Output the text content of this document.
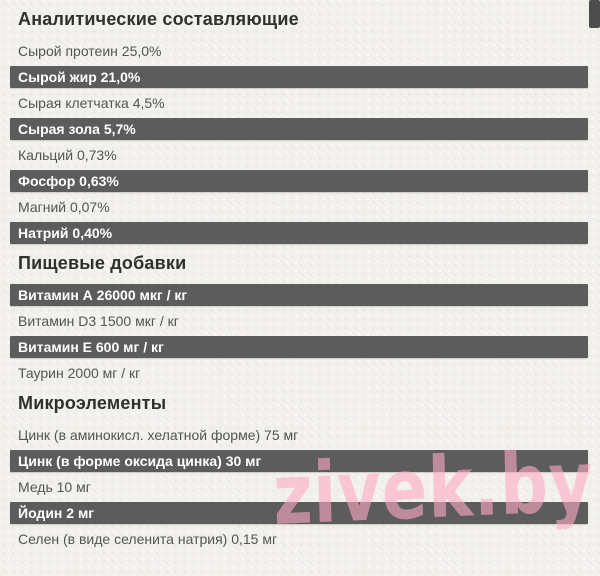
Аналитические составляющие
Сырой протеин 25,0%
Сырой жир 21,0%
Сырая клетчатка 4,5%
Сырая зола 5,7%
Кальций 0,73%
Фосфор 0,63%
Магний 0,07%
Натрий 0,40%
Пищевые добавки
Витамин А 26000 мкг / кг
Витамин D3 1500 мкг / кг
Витамин Е 600 мг / кг
Таурин 2000 мг / кг
Микроэлементы
Цинк (в аминокисл. хелатной форме) 75 мг
Цинк (в форме оксида цинка) 30 мг
Медь 10 мг
Йодин 2 мг
Селен (в виде селенита натрия) 0,15 мг
zivek.by
